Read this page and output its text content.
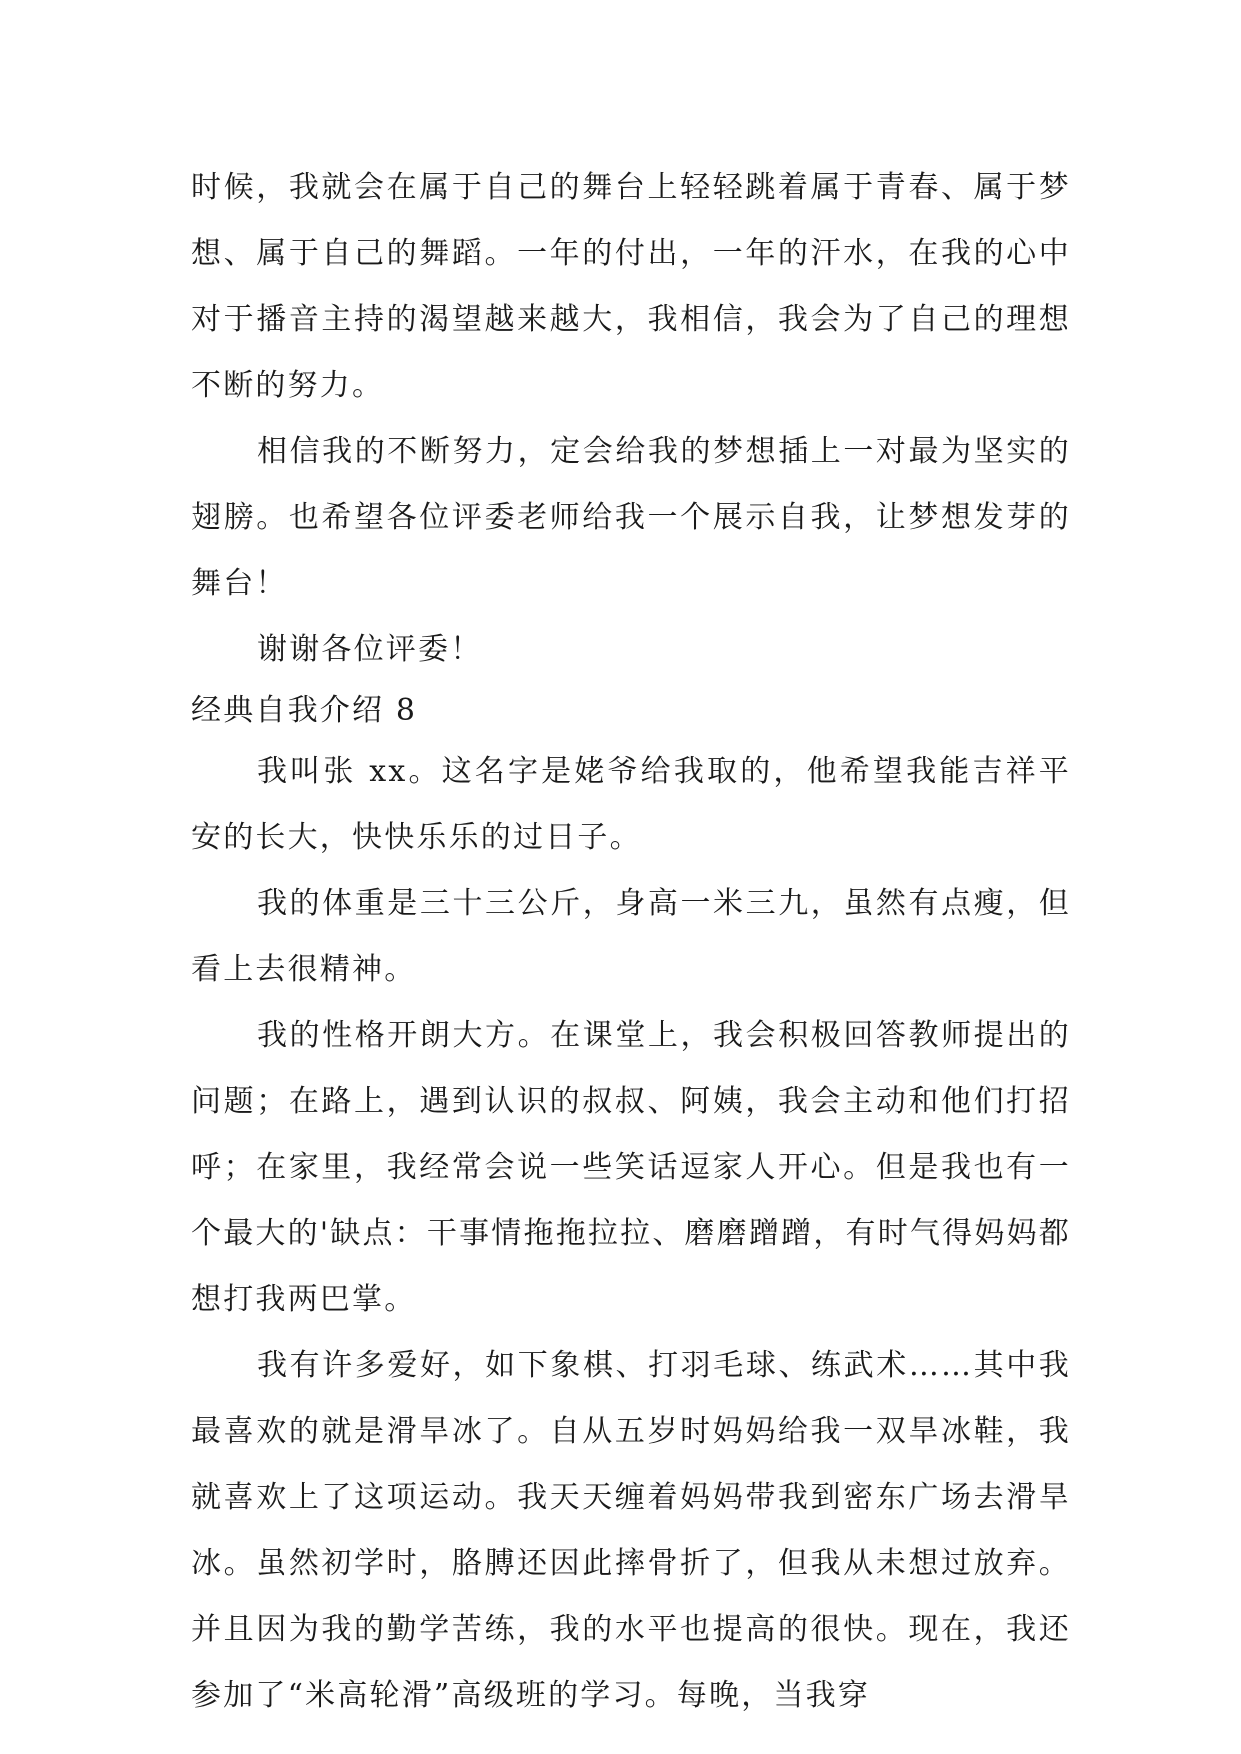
时候，我就会在属于自己的舞台上轻轻跳着属于青春、属于梦想、属于自己的舞蹈。一年的付出，一年的汗水，在我的心中对于播音主持的渴望越来越大，我相信，我会为了自己的理想不断的努力。

相信我的不断努力，定会给我的梦想插上一对最为坚实的翅膀。也希望各位评委老师给我一个展示自我，让梦想发芽的舞台！

谢谢各位评委！

经典自我介绍 8

我叫张 xx。这名字是姥爷给我取的，他希望我能吉祥平安的长大，快快乐乐的过日子。

我的体重是三十三公斤，身高一米三九，虽然有点瘦，但看上去很精神。

我的性格开朗大方。在课堂上，我会积极回答教师提出的问题；在路上，遇到认识的叔叔、阿姨，我会主动和他们打招呼；在家里，我经常会说一些笑话逗家人开心。但是我也有一个最大的'缺点：干事情拖拖拉拉、磨磨蹭蹭，有时气得妈妈都想打我两巴掌。

我有许多爱好，如下象棋、打羽毛球、练武术……其中我最喜欢的就是滑旱冰了。自从五岁时妈妈给我一双旱冰鞋，我就喜欢上了这项运动。我天天缠着妈妈带我到密东广场去滑旱冰。虽然初学时，胳膊还因此摔骨折了，但我从未想过放弃。并且因为我的勤学苦练，我的水平也提高的很快。现在，我还参加了“米高轮滑”高级班的学习。每晚，当我穿
